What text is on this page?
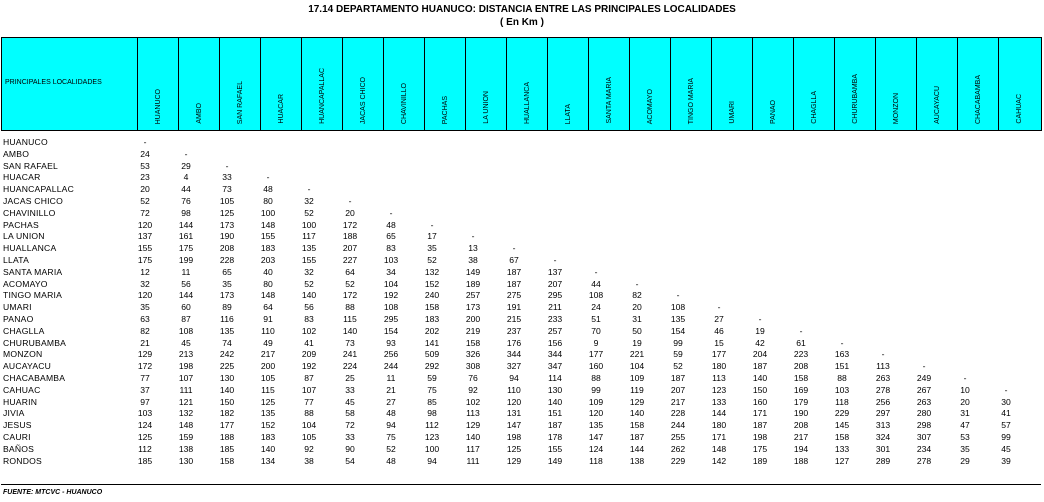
17.14 DEPARTAMENTO HUANUCO: DISTANCIA ENTRE LAS PRINCIPALES LOCALIDADES
( En Km )
PRINCIPALES LOCALIDADES
HUANUCO	AMBO	SAN RAFAEL	HUACAR	HUANCAPALLAC	JACAS CHICO	CHAVINILLO	PACHAS	LA UNION	HUALLANCA	LLATA	SANTA MARIA	ACOMAYO	TINGO MARIA	UMARI	PANAO	CHAGLLA	CHURUBAMBA	MONZON	AUCAYACU	CHACABAMBA	CAHUAC
HUANUCO	-
AMBO	24	-
SAN RAFAEL	53	29	-
HUACAR	23	4	33	-
HUANCAPALLAC	20	44	73	48	-
JACAS CHICO	52	76	105	80	32	-
CHAVINILLO	72	98	125	100	52	20	-
PACHAS	120	144	173	148	100	172	48	-
LA UNION	137	161	190	155	117	188	65	17	-
HUALLANCA	155	175	208	183	135	207	83	35	13	-
LLATA	175	199	228	203	155	227	103	52	38	67	-
SANTA MARIA	12	11	65	40	32	64	34	132	149	187	137	-
ACOMAYO	32	56	35	80	52	52	104	152	189	187	207	44	-
TINGO MARIA	120	144	173	148	140	172	192	240	257	275	295	108	82	-
UMARI	35	60	89	64	56	88	108	158	173	191	211	24	20	108	-
PANAO	63	87	116	91	83	115	295	183	200	215	233	51	31	135	27	-
CHAGLLA	82	108	135	110	102	140	154	202	219	237	257	70	50	154	46	19	-
CHURUBAMBA	21	45	74	49	41	73	93	141	158	176	156	9	19	99	15	42	61	-
MONZON	129	213	242	217	209	241	256	509	326	344	344	177	221	59	177	204	223	163	-
AUCAYACU	172	198	225	200	192	224	244	292	308	327	347	160	104	52	180	187	208	151	113	-
CHACABAMBA	77	107	130	105	87	25	11	59	76	94	114	88	109	187	113	140	158	88	263	249	-
CAHUAC	37	111	140	115	107	33	21	75	92	110	130	99	119	207	123	150	169	103	278	267	10	-
HUARIN	97	121	150	125	77	45	27	85	102	120	140	109	129	217	133	160	179	118	256	263	20	30
JIVIA	103	132	182	135	88	58	48	98	113	131	151	120	140	228	144	171	190	229	297	280	31	41
JESUS	124	148	177	152	104	72	94	112	129	147	187	135	158	244	180	187	208	145	313	298	47	57
CAURI	125	159	188	183	105	33	75	123	140	198	178	147	187	255	171	198	217	158	324	307	53	99
BAÑOS	112	138	185	140	92	90	52	100	117	125	155	124	144	262	148	175	194	133	301	234	35	45
RONDOS	185	130	158	134	38	54	48	94	111	129	149	118	138	229	142	189	188	127	289	278	29	39
FUENTE: MTCVC - HUANUCO
